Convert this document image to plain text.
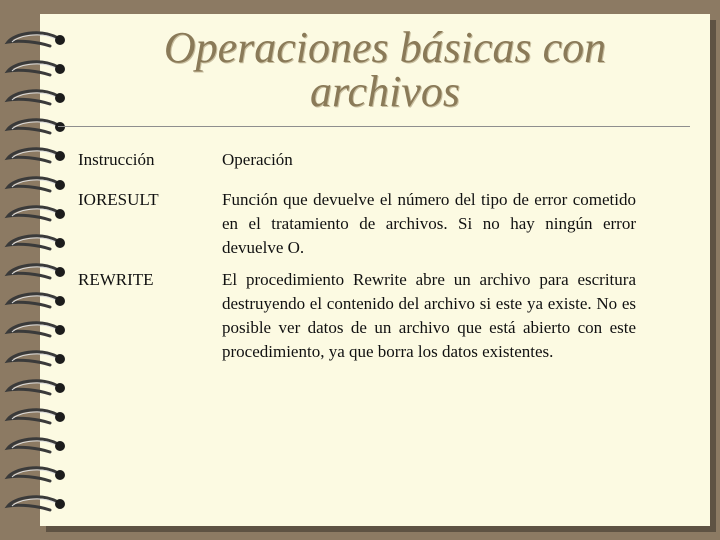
Operaciones básicas con
archivos
Instrucción	Operación
IORESULT	Función que devuelve el número del tipo de error cometido en el tratamiento de archivos. Si no hay ningún error devuelve O.
REWRITE	El procedimiento Rewrite abre un archivo para escritura destruyendo el contenido del archivo si este ya existe. No es posible ver datos de un archivo que está abierto con este procedimiento, ya que borra los datos existentes.
